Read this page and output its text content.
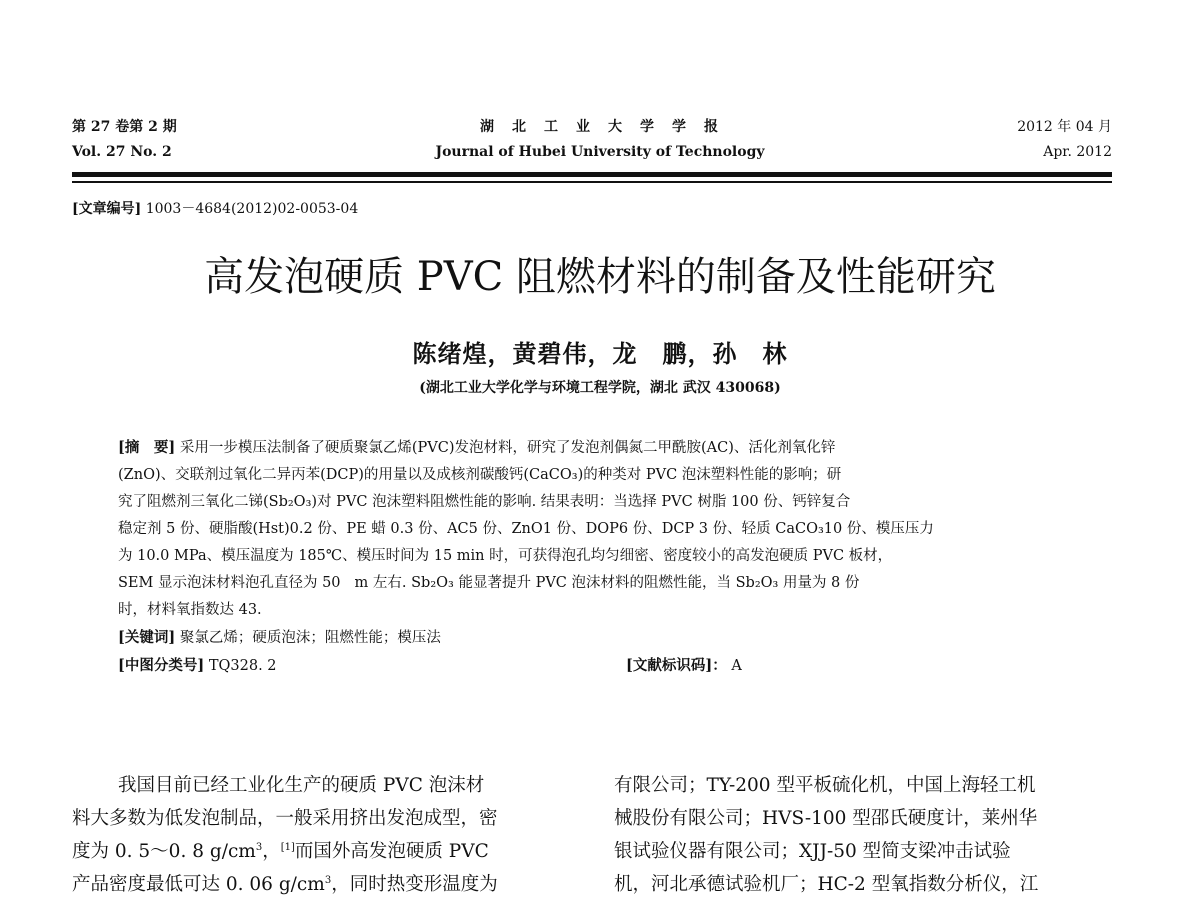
第 27 卷第 2 期
Vol. 27 No. 2
湖　北　工　业　大　学　学　报
Journal of Hubei University of Technology
2012 年 04 月
Apr. 2012
[文章编号] 1003－4684(2012)02-0053-04
高发泡硬质 PVC 阻燃材料的制备及性能研究
陈绪煌，黄碧伟，龙　鹏，孙　林
(湖北工业大学化学与环境工程学院，湖北 武汉 430068)

[摘　要] 采用一步模压法制备了硬质聚氯乙烯(PVC)发泡材料，研究了发泡剂偶氮二甲酰胺(AC)、活化剂氧化锌

(ZnO)、交联剂过氧化二异丙苯(DCP)的用量以及成核剂碳酸钙(CaCO₃)的种类对 PVC 泡沫塑料性能的影响；研

究了阻燃剂三氧化二锑(Sb₂O₃)对 PVC 泡沫塑料阻燃性能的影响. 结果表明：当选择 PVC 树脂 100 份、钙锌复合

稳定剂 5 份、硬脂酸(Hst)0.2 份、PE 蜡 0.3 份、AC5 份、ZnO1 份、DOP6 份、DCP 3 份、轻质 CaCO₃10 份、模压压力

为 10.0 MPa、模压温度为 185℃、模压时间为 15 min 时，可获得泡孔均匀细密、密度较小的高发泡硬质 PVC 板材，

SEM 显示泡沫材料泡孔直径为 50 m 左右. Sb₂O₃ 能显著提升 PVC 泡沫材料的阻燃性能，当 Sb₂O₃ 用量为 8 份

时，材料氧指数达 43.

[关键词] 聚氯乙烯；硬质泡沫；阻燃性能；模压法

[中图分类号] TQ328. 2	[文献标识码]： A

我国目前已经工业化生产的硬质 PVC 泡沫材

料大多数为低发泡制品，一般采用挤出发泡成型，密

度为 0. 5～0. 8 $g/cm^3$，[1]而国外高发泡硬质 PVC

产品密度最低可达 0. 06 $g/cm^3$，同时热变形温度为

有限公司；TY-200 型平板硫化机，中国上海轻工机

械股份有限公司；HVS-100 型邵氏硬度计，莱州华

银试验仪器有限公司；XJJ-50 型简支梁冲击试验

机，河北承德试验机厂；HC-2 型氧指数分析仪，江
